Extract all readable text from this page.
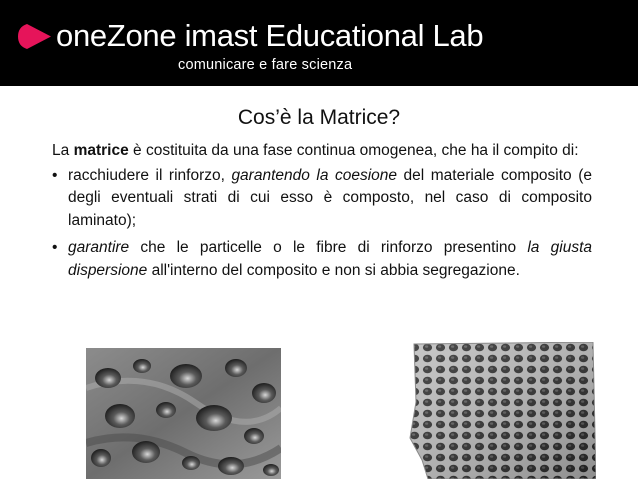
oneZone imast Educational Lab
comunicare e fare scienza
Cos’è la Matrice?

La matrice è costituita da una fase continua omogenea, che ha il compito di:

• racchiudere il rinforzo, garantendo la coesione del materiale composito (e degli eventuali strati di cui esso è composto, nel caso di composito laminato);
• garantire che le particelle o le fibre di rinforzo presentino la giusta dispersione all'interno del composito e non si abbia segregazione.
